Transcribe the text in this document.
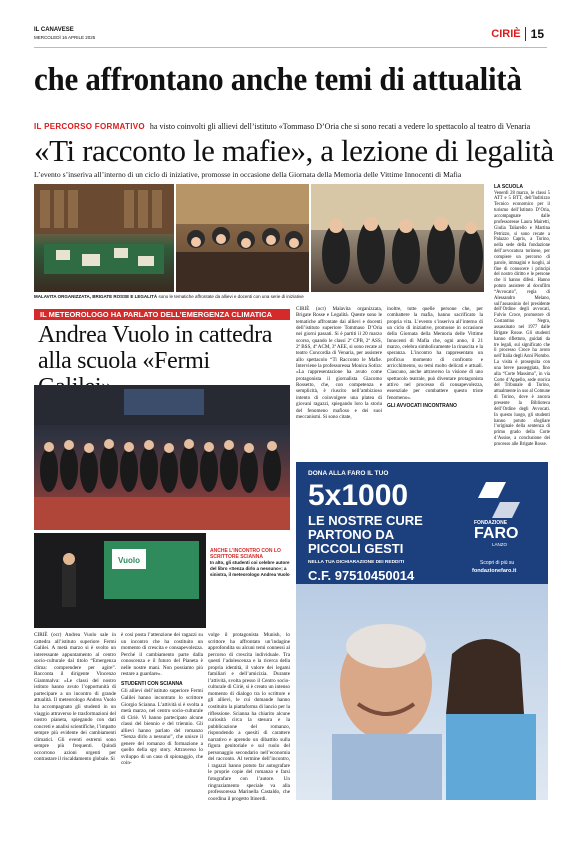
IL CANAVESE
MERCOLEDÌ 16 APRILE 2025	CIRIÈ 15
che affrontano anche temi di attualità
IL PERCORSO FORMATIVO ha visto coinvolti gli allievi dell’istituto «Tommaso D’Oria che si sono recati a vedere lo spettacolo al teatro di Venaria
«Ti racconto le mafie», a lezione di legalità
L’evento s’inseriva all’interno di un ciclo di iniziative, promosse in occasione della Giornata della Memoria delle Vittime Innocenti di Mafia
MALAVITA ORGANIZZATA, BRIGATE ROSSE E LEGALITÀ sono le tematiche affrontate da allievi e docenti con una serie di iniziative
LA SCUOLA
Venerdì 28 marzo, le classi 5 ATT e 5 BTT, dell’Indirizzo Tecnico economico per il turismo dell’Istituto D’Oria, accompagnate dalle professoresse Laura Mairetti, Giulia Taliarello e Martina Petrizzo, si sono recate a Palazzo Capris, a Torino, nella sede della fondazione dell’avvocatura torinese, per compiere un percorso di parole, immagini e luoghi, al fine di conoscere i principi del nostro diritto e le persone che li hanno difesi. Hanno potuto assistere al docufilm “Avvocato”, regia di Alessandro Melano, sull’assassinio del presidente dell’Ordine degli avvocati, Fulvio Croce, promotore di Costantino Negra, assassinato nel 1977 dalle Brigate Rosse. Gli studenti hanno riflettuto, guidati da tre legali, sul significato che il processo Croce ha avuto nell’Italia degli Anni Piombo. La visita è proseguita con una breve passeggiata, fino alla “Corte Massima”, in via Corte d’Appello, sede storica del Tribunale di Torino, attualmente in uso al Comune di Torino, dove è ancora presente la Biblioteca dell’Ordine degli Avvocati. In questo luogo, gli studenti hanno potuto sfogliare l’originale della sentenza di primo grado della Corte d’Assise, a conclusione del processo alle Brigate Rosse.
CIRIÈ (ocr) Malavita organizzata, Brigate Rosse e Legalità. Queste sono le tematiche affrontate dai allievi e docenti dell’istituto superiore Tommaso D’Oria nei giorni passati. Si è partiti il 20 marzo scorso, quando le classi 2ª CPB, 2ª ASS, 2ª BSS, 4ª ACM, 3ª AEE, si sono recate al teatro Concordia di Venaria, per assistere allo spettacolo “Ti Racconto le Mafie. Interviene la professoressa Monica Sotira: «La rappresentazione ha avuto come protagonista il giornalista Giacomo Rossetto, che, con competenza e semplicità, è riuscito nell’ambizioso intento di coinvolgere una platea di giovani ragazzi, spiegando loro la storia del fenomeno mafioso e dei suoi meccanismi. Si sono citate,
inoltre, tutte quelle persone che, per combattere la mafia, hanno sacrificato la propria vita. L’evento s’inseriva all’interno di un ciclo di iniziative, promosse in occasione della Giornata della Memoria delle Vittime Innocenti di Mafia che, ogni anno, il 21 marzo, celebra simbolicamente la rinascita e la speranza. L’incontro ha rappresentato un proficuo momento di confronto e arricchimento, su temi molto delicati e attuali. Ciascuno, anche attraverso la visione di uno spettacolo teatrale, può diventare protagonista attivo nel processo di consapevolezza, essenziale per combattere questo triste fenomeno».
GLI AVVOCATI INCONTRANO
IL METEOROLOGO HA PARLATO DELL’EMERGENZA CLIMATICA
Andrea Vuolo in cattedra alla scuola «Fermi
Vuolo
ANCHE L’INCONTRO CON LO SCRITTORE SCIANNA
In alto, gli studenti coi celebre autore del libro «Senza dirlo a nessuno»; a sinistra, il meteorologo Andrea Vuolo
CIRIÈ (ocr) Andrea Vuolo sale in cattedra all’istituto superiore Fermi Galilei. A metà marzo si è svolto un interessante appuntamento al centro socio-culturale dal titolo “Emergenza clima: comprendere per agire”. Racconta il dirigente Vincenzo Giammalva: «Le classi del nostro istituto hanno avuto l’opportunità di partecipare a un incontro di grande attualità. Il meteorologo Andrea Vuolo ha accompagnato gli studenti in un viaggio attraverso le trasformazioni del nostro pianeta, spiegando con dati concreti e analisi scientifiche, l’impatto sempre più evidente dei cambiamenti climatici. Gli eventi estremi sono sempre più frequenti. Quindi occorrono azioni urgenti per contrastare il riscaldamento globale. Si
è così posta l’attenzione dei ragazzi su un incontro che ha costituito un momento di crescita e consapevolezza. Perché il cambiamento parte dalla conoscenza e il futuro del Pianeta è nelle nostre mani. Non possiamo più restare a guardare».
STUDENTI CON SCIANNA
Gli allievi dell’istituto superiore Fermi Galilei hanno incontrato lo scrittore Giorgio Scianna. L’attività si è svolta a metà marzo, nel centro socio-culturale di Ciriè. Vi hanno partecipato alcune classi del biennio e del triennio. Gli allievi hanno parlato del romanzo “Senza dirlo a nessuno”, che unisce il genere del romanzo di formazione a quello della spy story. Attraverso lo sviluppo di un caso di spionaggio, che coin-
volge il protagonista Munish, lo scrittore ha affrontato un’indagine approfondita su alcuni temi connessi al percorso di crescita individuale. Tra questi l’adolescenza e la ricerca della propria identità, il valore dei legami familiari e dell’amicizia. Durante l’attività, svolta presso il Centro socio-culturale di Ciriè, si è creato un intenso momento di dialogo tra lo scrittore e gli allievi, le cui domande hanno costituito la piattaforma di lancio per la riflessione. Scianna ha chiarito alcune curiosità circa la stesura e la pubblicazione del romanzo, rispondendo a quesiti di carattere narrativo e aprendo un dibattito sulla figura genitoriale e sul ruolo del personaggio secondario nell’economia del racconto. Al termine dell’incontro, i ragazzi hanno potuto far autografare le proprie copie del romanzo e farsi fotografare con l’autore. Un ringraziamento speciale va alla professoressa Marinella Castaldo, che coordina il progetto Itinerdi.
DONA ALLA FARO IL TUO
5x1000
LE NOSTRE CURE
PARTONO DA
PICCOLI GESTI
NELLA TUA DICHIARAZIONE DEI REDDITI
C.F. 97510450014
FONDAZIONE
FARO
LANZO
Scopri di più su
fondazionefaro.it
